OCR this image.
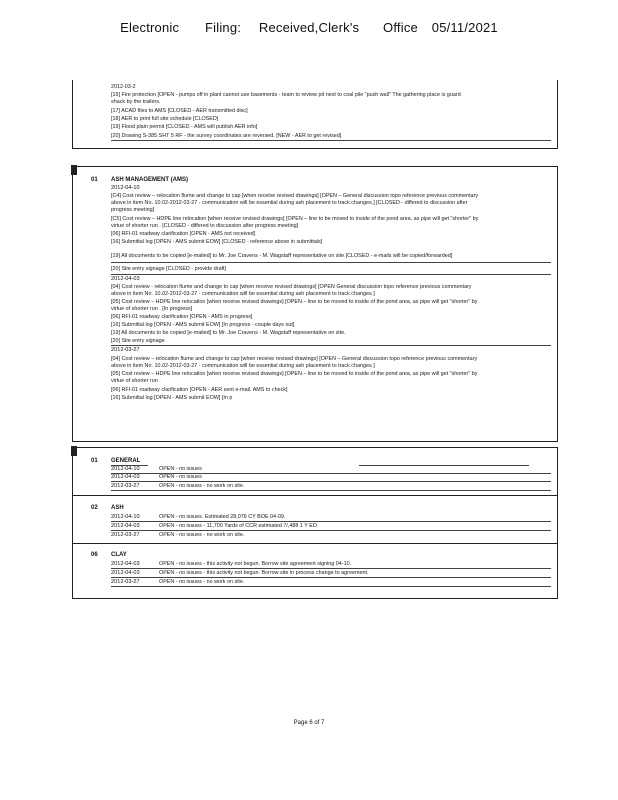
Electronic Filing: Received,Clerk's Office 05/11/2021
2012-03-2
[15] Fire protection [OPEN - pumps off in plant cannot use basements - team to review pit next to coal pile "push wall" The gathering place is guard
shack by the trailers.
[17] ACAD files to AMS [CLOSED - AER transmitted disc]
[18] AER to print full site schedule [CLOSED]
[19] Flood plain permit [CLOSED - AMS will publish AER info]
[20] Drawing S-385 SHT 5 RF - the survey coordinates are reversed. [NEW - AER to get revised]
01 ASH MANAGEMENT (AMS)
2012-04-10
[C4] Cost review – relocation flume and change to cap [when receive revised drawings] [OPEN – General discussion topo reference previous commentary
above in item No. 10.02-2012-03-27 - communication will be essential during ash placement to track changes.] [CLOSED - differed to discussion after
progress meeting]
[C5] Cost review – HDPE line relocation [when receive revised drawings] [OPEN – line to be moved to inside of the pond area, as pipe will get "shorter" by
virtue of shorter run . [CLOSED - differed to discussion after progress meeting]
[06] RFI-01 roadway clarification [OPEN - AMS not received]
[16] Submittal log [OPEN - AMS submit EOW] [CLOSED - reference above in submittals]
[19] All documents to be copied [e-mailed] to Mr. Joe Cravens - M. Wagstaff representative on site.[CLOSED - e-mails will be copied/forwarded]
[20] Site entry signage [CLOSED - provide draft]
2012-04-03
[04] Cost review - relocation flume and change to cap [when receive revised drawings] [OPEN General discussion topo reference previous commentary
above in item No. 10.02-2012-03-27 - communication will be essential during ash placement to track changes.]
[05] Cost review – HDPE line relocation [when receive revised drawings] [OPEN – line to be moved to inside of the pond area, as pipe will get "shorter" by
virtue of shorter run . [In progress]
[06] RFI-01 roadway clarification [OPEN - AMS in progress]
[16] Submittal log [OPEN - AMS submit EOW] [In progress - couple days out]
[19] All documents to be copied [e-mailed] to Mr. Joe Cravens - M. Wagstaff representative on site.
[20] Site entry signage
2012-03-27
[04] Cost review – relocation flume and change to cap [when receive revised drawings] [OPEN – General discussion topo reference previous commentary
above in item No. 10.02-2012-03-27 - communication will be essential during ash placement to track changes.]
[05] Cost review – HDPE line relocation [when receive revised drawings] [OPEN – line to be moved to inside of the pond area, as pipe will get "shorter" by
virtue of shorter run .
[06] RFI-01 roadway clarification [OPEN - AER sent e-mail. AMS to check]
[16] Submittal log [OPEN - AMS submit EOW] [In p
01 GENERAL
2012-04-10	OPEN - no issues
2012-04-03	OPEN - no issues
2012-03-27	OPEN - no issues - no work on site.
02 ASH
2012-04-10	OPEN - no issues. Estimated 28,076 CY BOE 04-09.
2012-04-03	OPEN - no issues - 11,700 Yards of CCR estimated 7/,488 1 Y EO
2012-03-27	OPEN - no issues - no work on site.
06 CLAY
2012-04-03	OPEN - no issues - this activity not begun. Borrow site agreement signing 04-10.
2012-04-03	OPEN - no issues - this activity not begun. Borrow site in process change to agreement.
2012-03-27	OPEN - no issues - no work on site.
Page 6 of 7
